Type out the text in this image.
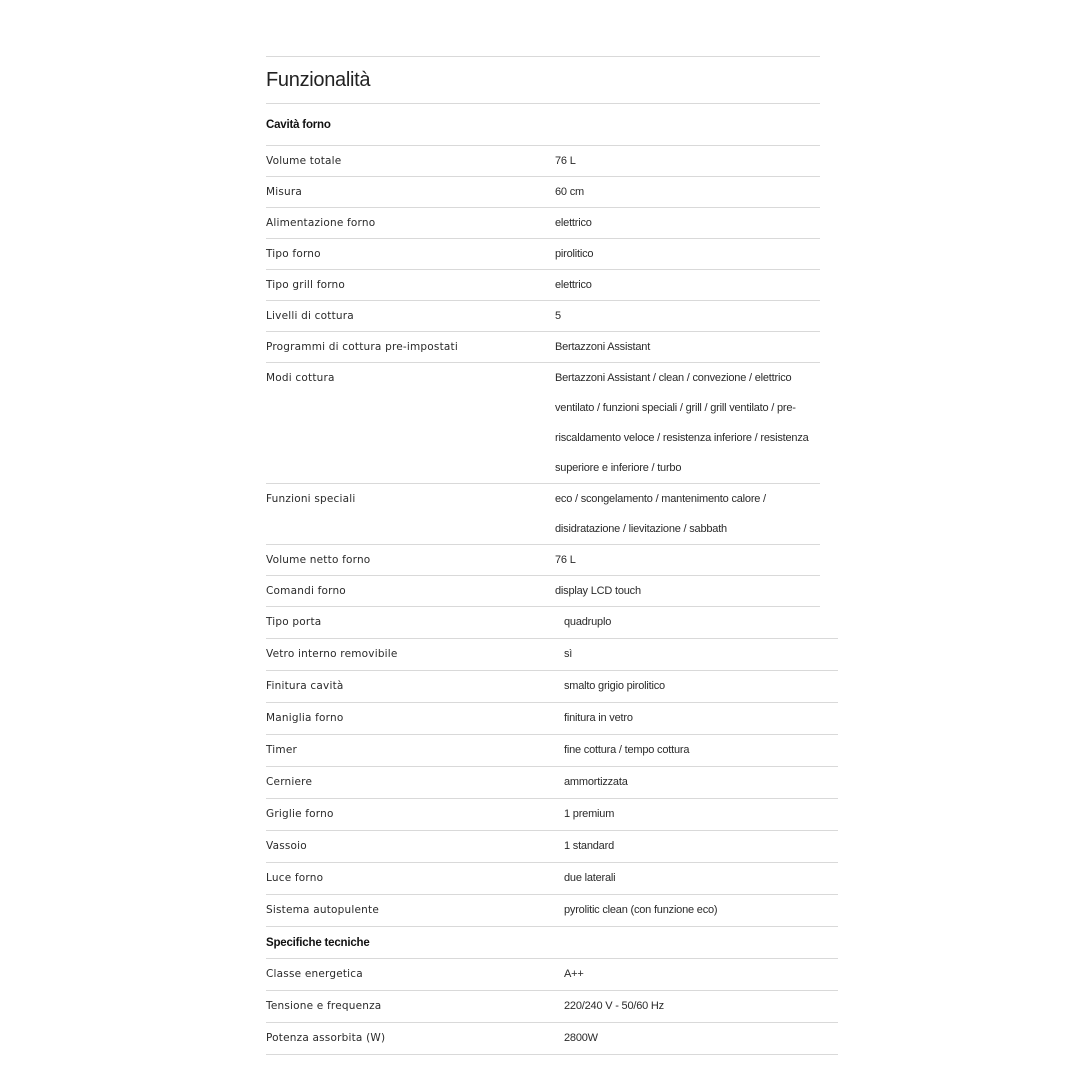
Funzionalità
Cavità forno
Volume totale	76 L
Misura	60 cm
Alimentazione forno	elettrico
Tipo forno	pirolitico
Tipo grill forno	elettrico
Livelli di cottura	5
Programmi di cottura pre-impostati	Bertazzoni Assistant
Modi cottura	Bertazzoni Assistant / clean / convezione / elettrico ventilato / funzioni speciali / grill / grill ventilato / pre-riscaldamento veloce / resistenza inferiore / resistenza superiore e inferiore / turbo
Funzioni speciali	eco / scongelamento / mantenimento calore / disidratazione / lievitazione / sabbath
Volume netto forno	76 L
Comandi forno	display LCD touch
Tipo porta	quadruplo
Vetro interno removibile	sì
Finitura cavità	smalto grigio pirolitico
Maniglia forno	finitura in vetro
Timer	fine cottura / tempo cottura
Cerniere	ammortizzata
Griglie forno	1 premium
Vassoio	1 standard
Luce forno	due laterali
Sistema autopulente	pyrolitic clean (con funzione eco)
Specifiche tecniche
Classe energetica	A++
Tensione e frequenza	220/240 V - 50/60 Hz
Potenza assorbita (W)	2800W
